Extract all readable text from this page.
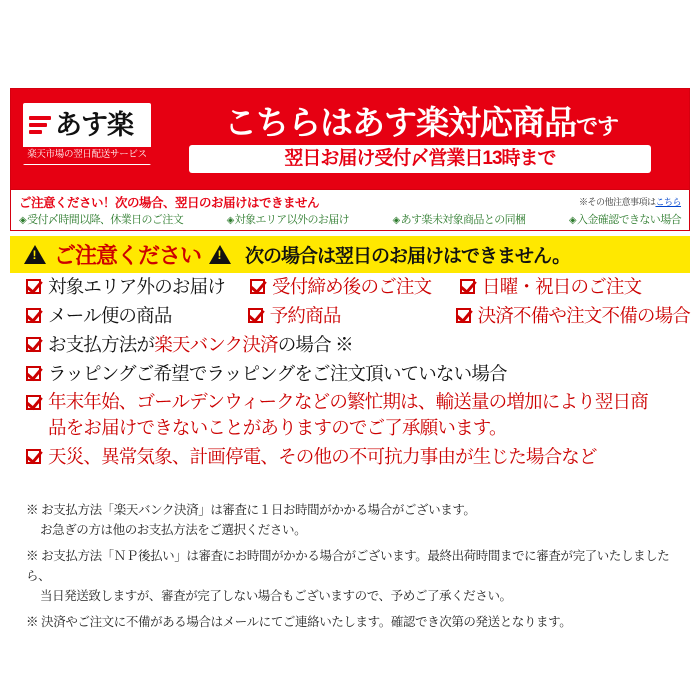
あす楽
楽天市場の翌日配送サービス
こちらはあす楽対応商品です
翌日お届け受付〆営業日13時まで
ご注意ください！次の場合、翌日のお届けはできません	※その他注意事項はこちら
◈受付〆時間以降、休業日のご注文	◈対象エリア以外のお届け	◈あす楽未対象商品との同梱	◈入金確認できない場合
!
ご注意ください ! 次の場合は翌日のお届けはできません。
対象エリア外のお届け	受付締め後のご注文	日曜・祝日のご注文
メール便の商品	予約商品	決済不備や注文不備の場合
お支払方法が楽天バンク決済の場合 ※
ラッピングご希望でラッピングをご注文頂いていない場合
年末年始、ゴールデンウィークなどの繁忙期は、輸送量の増加により翌日商品をお届けできないことがありますのでご了承願います。
天災、異常気象、計画停電、その他の不可抗力事由が生じた場合など
※ お支払方法「楽天バンク決済」は審査に１日お時間がかかる場合がございます。
お急ぎの方は他のお支払方法をご選択ください。
※ お支払方法「ＮＰ後払い」は審査にお時間がかかる場合がございます。最終出荷時間までに審査が完了いたしましたら、
当日発送致しますが、審査が完了しない場合もございますので、予めご了承ください。
※ 決済やご注文に不備がある場合はメールにてご連絡いたします。確認でき次第の発送となります。
